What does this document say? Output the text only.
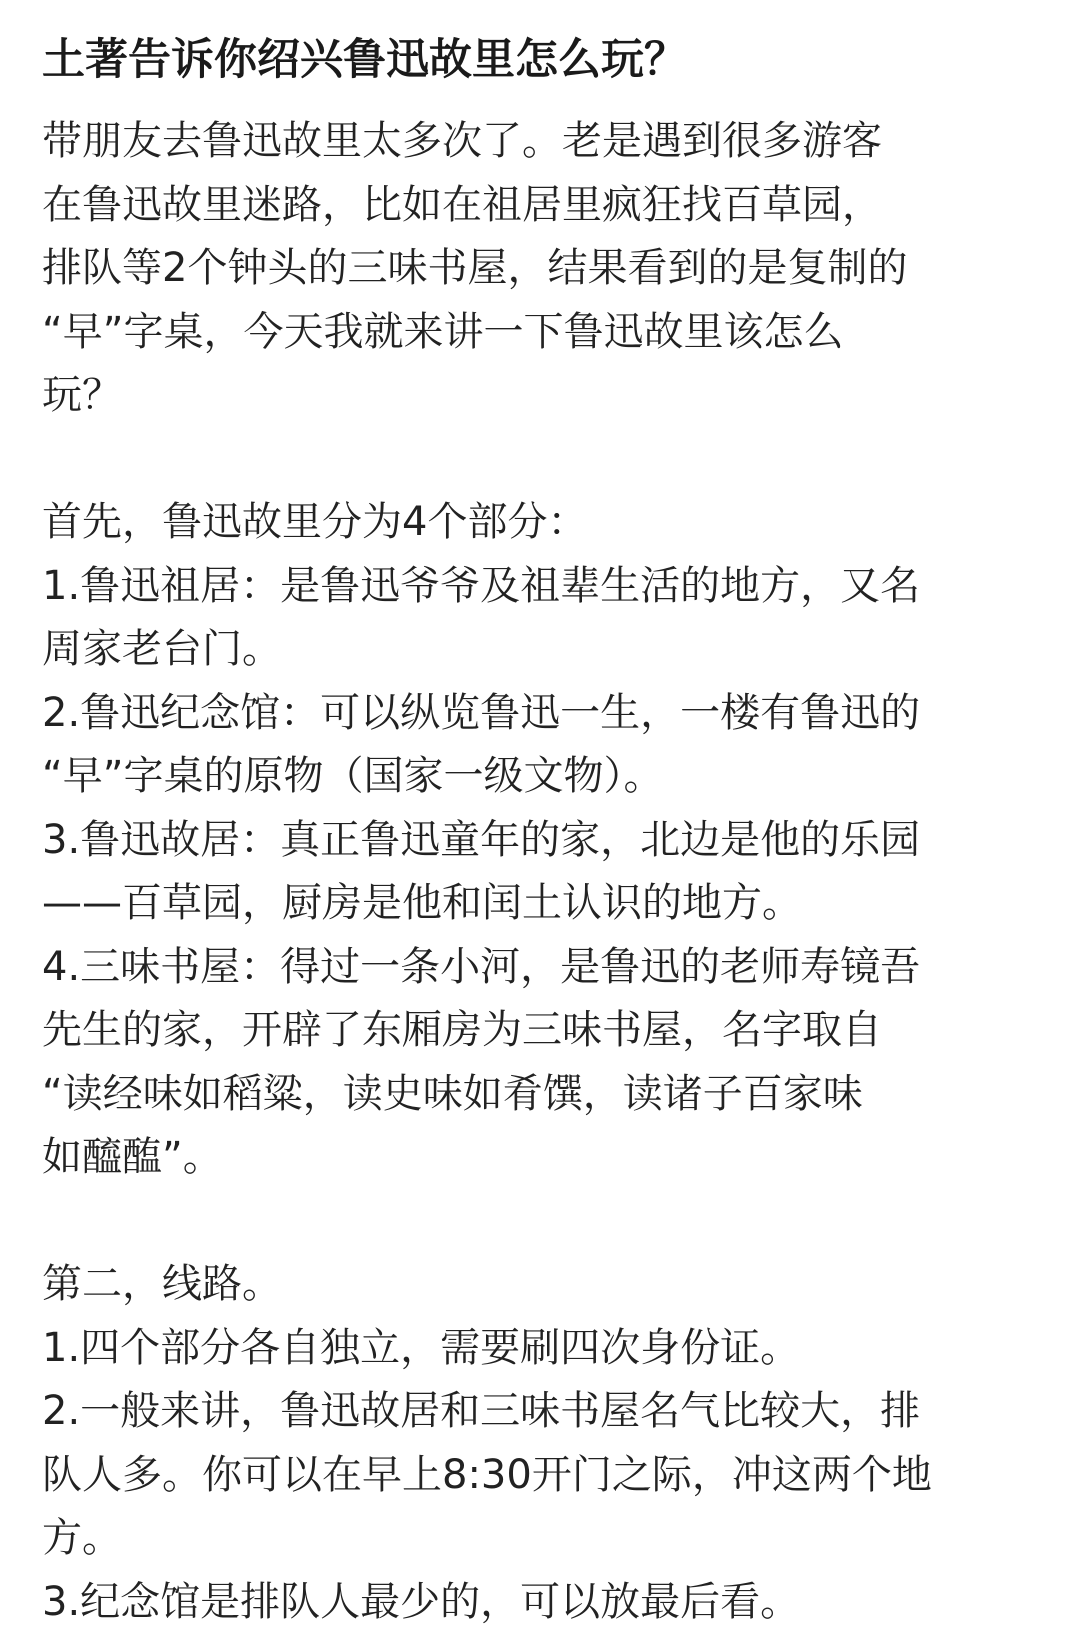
土著告诉你绍兴鲁迅故里怎么玩？
带朋友去鲁迅故里太多次了。老是遇到很多游客
在鲁迅故里迷路，比如在祖居里疯狂找百草园，
排队等2个钟头的三味书屋，结果看到的是复制的
“早”字桌，今天我就来讲一下鲁迅故里该怎么
玩？
首先，鲁迅故里分为4个部分：
1.鲁迅祖居：是鲁迅爷爷及祖辈生活的地方，又名
周家老台门。
2.鲁迅纪念馆：可以纵览鲁迅一生，一楼有鲁迅的
“早”字桌的原物（国家一级文物）。
3.鲁迅故居：真正鲁迅童年的家，北边是他的乐园
——百草园，厨房是他和闰土认识的地方。
4.三味书屋：得过一条小河，是鲁迅的老师寿镜吾
先生的家，开辟了东厢房为三味书屋，名字取自
“读经味如稻粱，读史味如肴馔，读诸子百家味
如醯醢”。
第二，线路。
1.四个部分各自独立，需要刷四次身份证。
2.一般来讲，鲁迅故居和三味书屋名气比较大，排
队人多。你可以在早上8:30开门之际，冲这两个地
方。
3.纪念馆是排队人最少的，可以放最后看。
